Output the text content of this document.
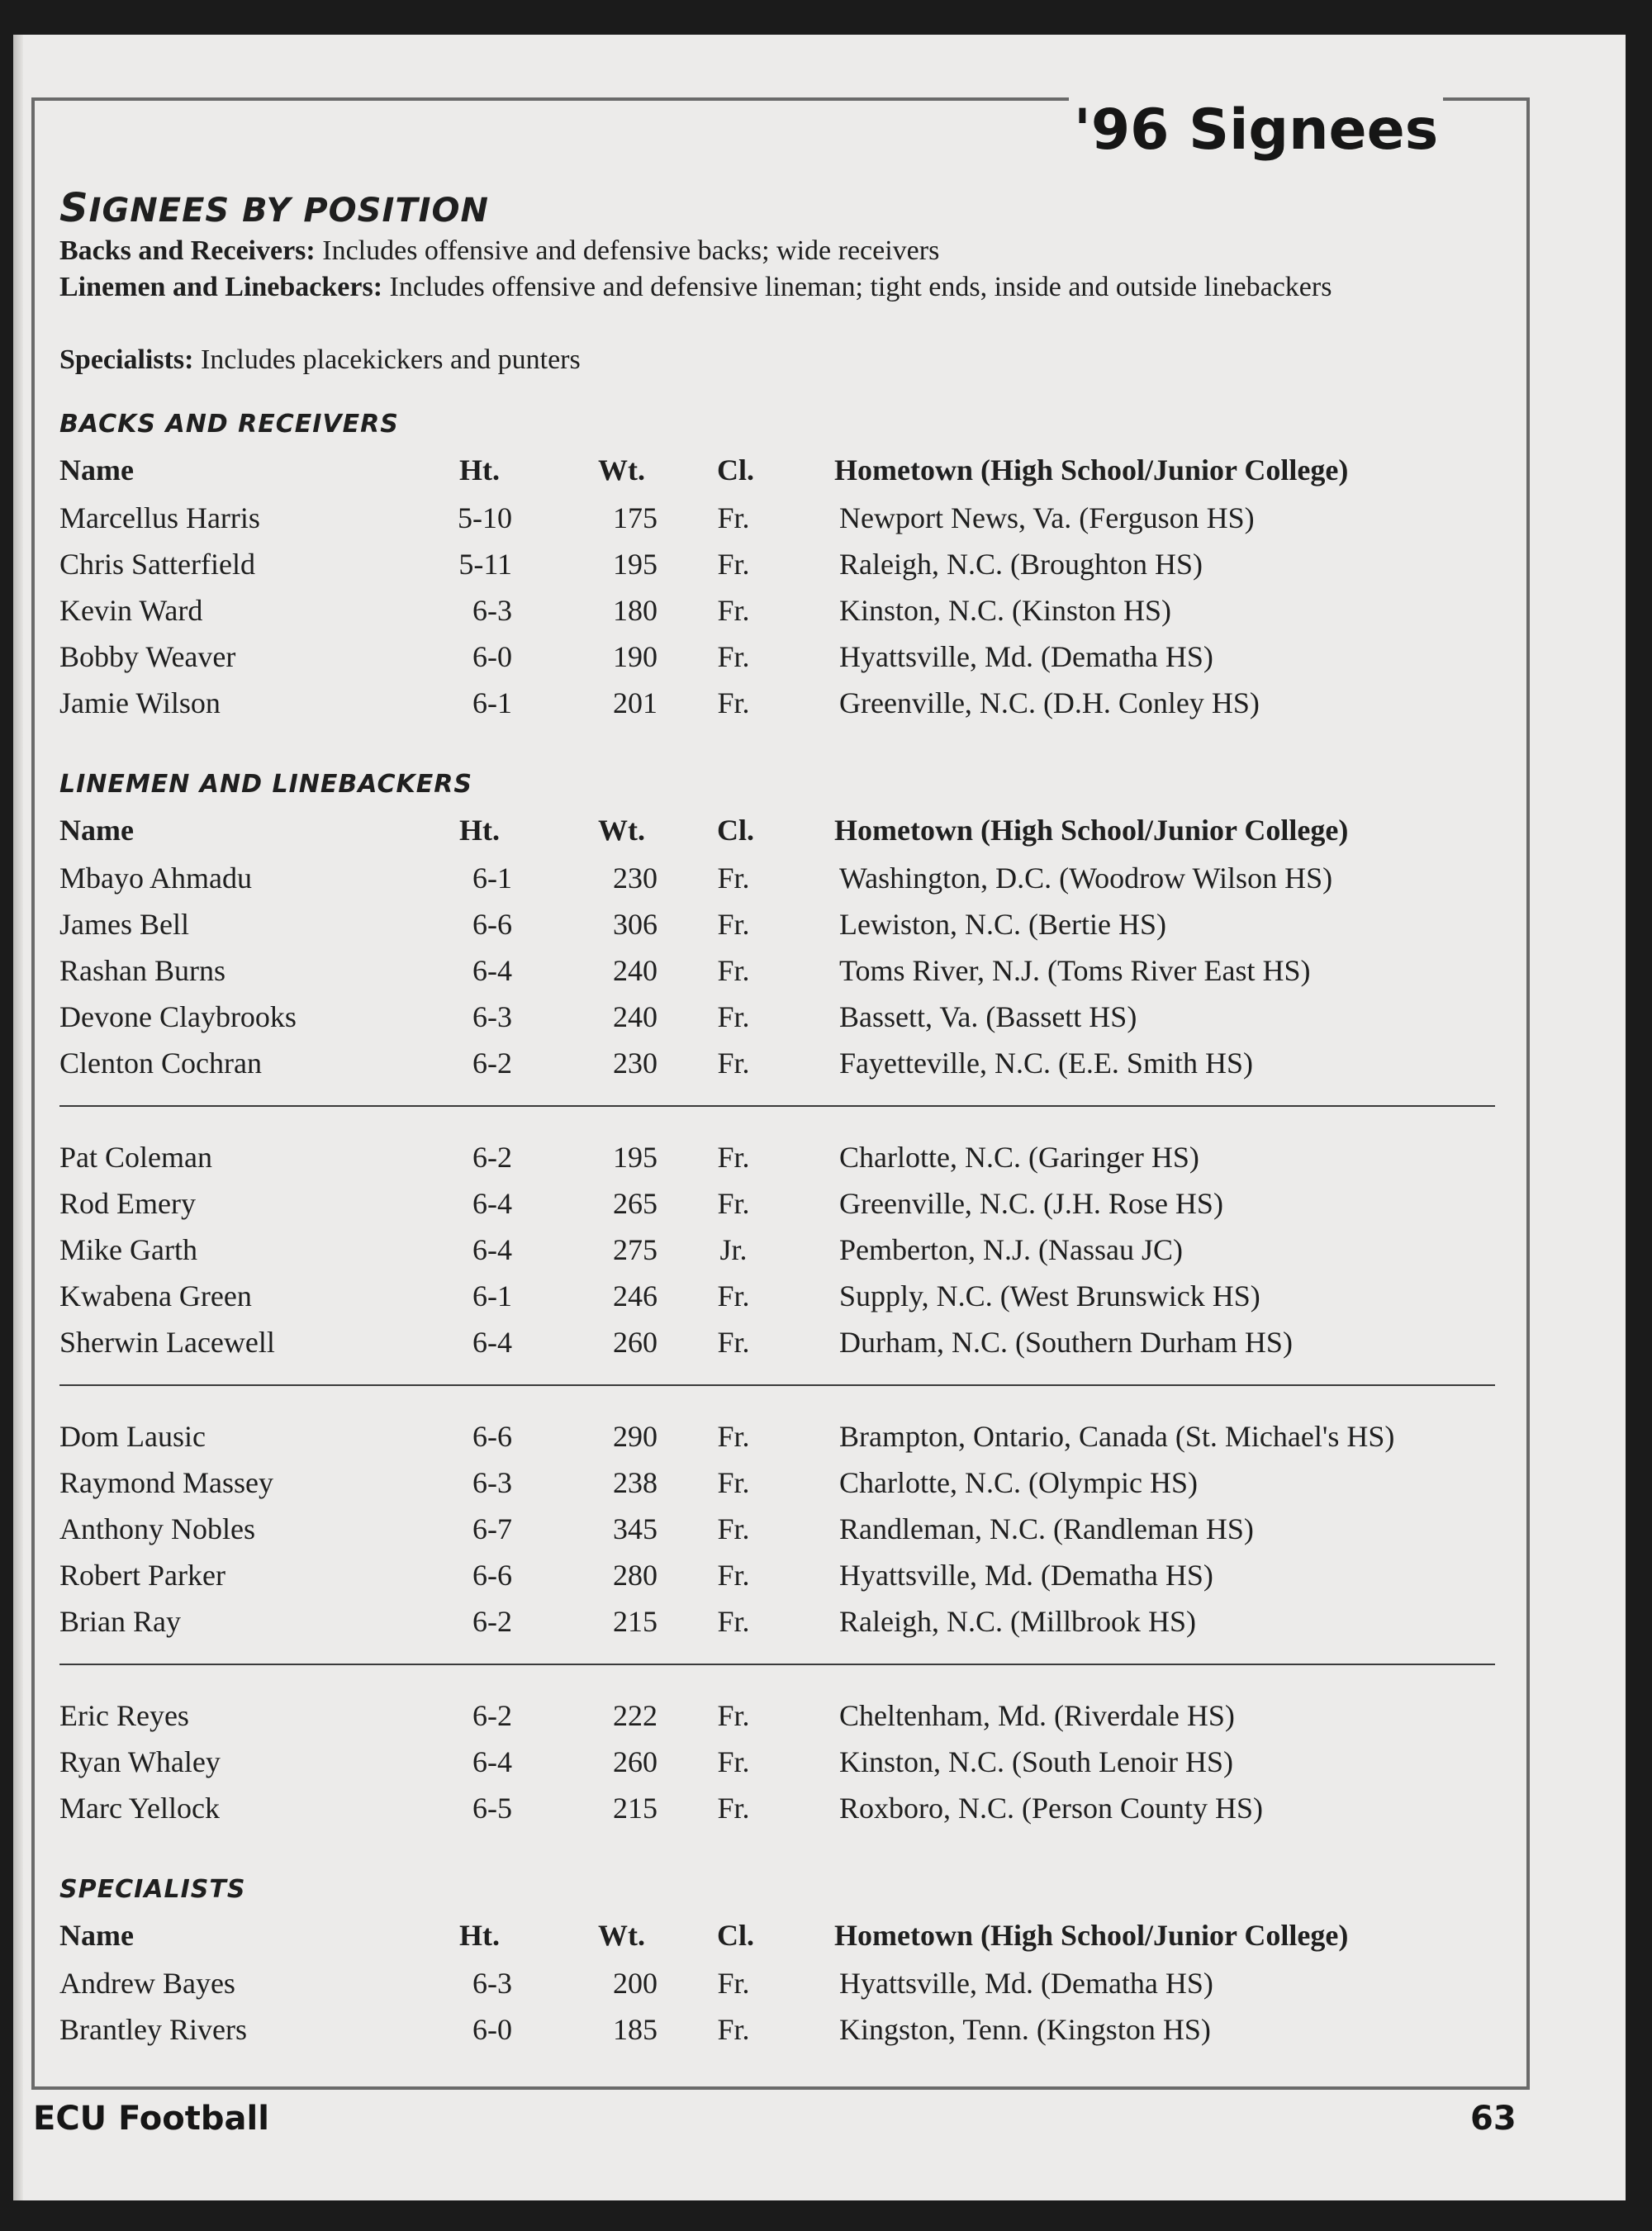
'96 Signees
SIGNEES BY POSITION
Backs and Receivers: Includes offensive and defensive backs; wide receivers
Linemen and Linebackers: Includes offensive and defensive lineman; tight ends, inside and outside linebackers
Specialists: Includes placekickers and punters
BACKS AND RECEIVERS
Name	Ht.	Wt. Cl.	Hometown (High School/Junior College)
Marcellus Harris	5-10	175	Fr.	Newport News, Va. (Ferguson HS)
Chris Satterfield	5-11	195	Fr.	Raleigh, N.C. (Broughton HS)
Kevin Ward	6-3	180	Fr.	Kinston, N.C. (Kinston HS)
Bobby Weaver	6-0	190	Fr.	Hyattsville, Md. (Dematha HS)
Jamie Wilson	6-1	201	Fr.	Greenville, N.C. (D.H. Conley HS)
LINEMEN AND LINEBACKERS
Name	Ht.	Wt. Cl.	Hometown (High School/Junior College)
Mbayo Ahmadu	6-1	230	Fr.	Washington, D.C. (Woodrow Wilson HS)
James Bell	6-6	306	Fr.	Lewiston, N.C. (Bertie HS)
Rashan Burns	6-4	240	Fr.	Toms River, N.J. (Toms River East HS)
Devone Claybrooks	6-3	240	Fr.	Bassett, Va. (Bassett HS)
Clenton Cochran	6-2	230	Fr.	Fayetteville, N.C. (E.E. Smith HS)
Pat Coleman	6-2	195	Fr.	Charlotte, N.C. (Garinger HS)
Rod Emery	6-4	265	Fr.	Greenville, N.C. (J.H. Rose HS)
Mike Garth	6-4	275	Jr.	Pemberton, N.J. (Nassau JC)
Kwabena Green	6-1	246	Fr.	Supply, N.C. (West Brunswick HS)
Sherwin Lacewell	6-4	260	Fr.	Durham, N.C. (Southern Durham HS)
Dom Lausic	6-6	290	Fr.	Brampton, Ontario, Canada (St. Michael's HS)
Raymond Massey	6-3	238	Fr.	Charlotte, N.C. (Olympic HS)
Anthony Nobles	6-7	345	Fr.	Randleman, N.C. (Randleman HS)
Robert Parker	6-6	280	Fr.	Hyattsville, Md. (Dematha HS)
Brian Ray	6-2	215	Fr.	Raleigh, N.C. (Millbrook HS)
Eric Reyes	6-2	222	Fr.	Cheltenham, Md. (Riverdale HS)
Ryan Whaley	6-4	260	Fr.	Kinston, N.C. (South Lenoir HS)
Marc Yellock	6-5	215	Fr.	Roxboro, N.C. (Person County HS)
SPECIALISTS
Name	Ht.	Wt. Cl.	Hometown (High School/Junior College)
Andrew Bayes	6-3	200	Fr.	Hyattsville, Md. (Dematha HS)
Brantley Rivers	6-0	185	Fr.	Kingston, Tenn. (Kingston HS)
ECU Football	63
